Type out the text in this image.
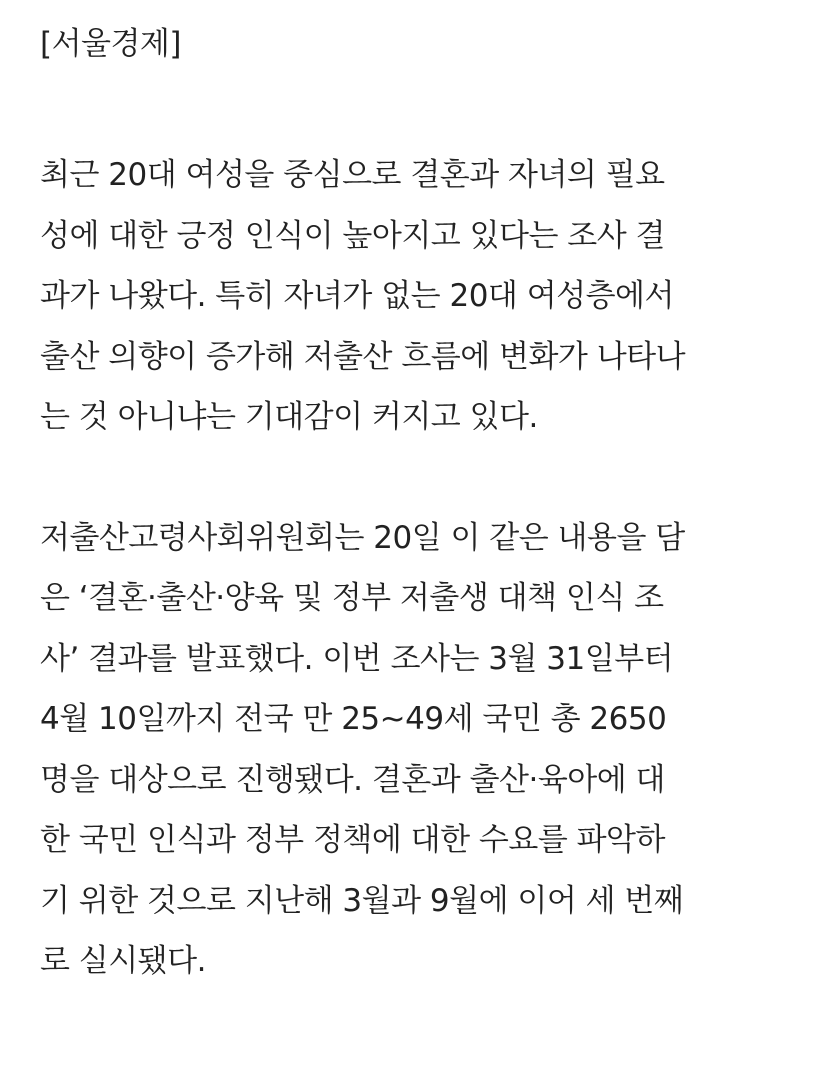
[서울경제]

최근 20대 여성을 중심으로 결혼과 자녀의 필요
성에 대한 긍정 인식이 높아지고 있다는 조사 결
과가 나왔다. 특히 자녀가 없는 20대 여성층에서
출산 의향이 증가해 저출산 흐름에 변화가 나타나
는 것 아니냐는 기대감이 커지고 있다.

저출산고령사회위원회는 20일 이 같은 내용을 담
은 ‘결혼·출산·양육 및 정부 저출생 대책 인식 조
사’ 결과를 발표했다. 이번 조사는 3월 31일부터
4월 10일까지 전국 만 25~49세 국민 총 2650
명을 대상으로 진행됐다. 결혼과 출산·육아에 대
한 국민 인식과 정부 정책에 대한 수요를 파악하
기 위한 것으로 지난해 3월과 9월에 이어 세 번째
로 실시됐다.
